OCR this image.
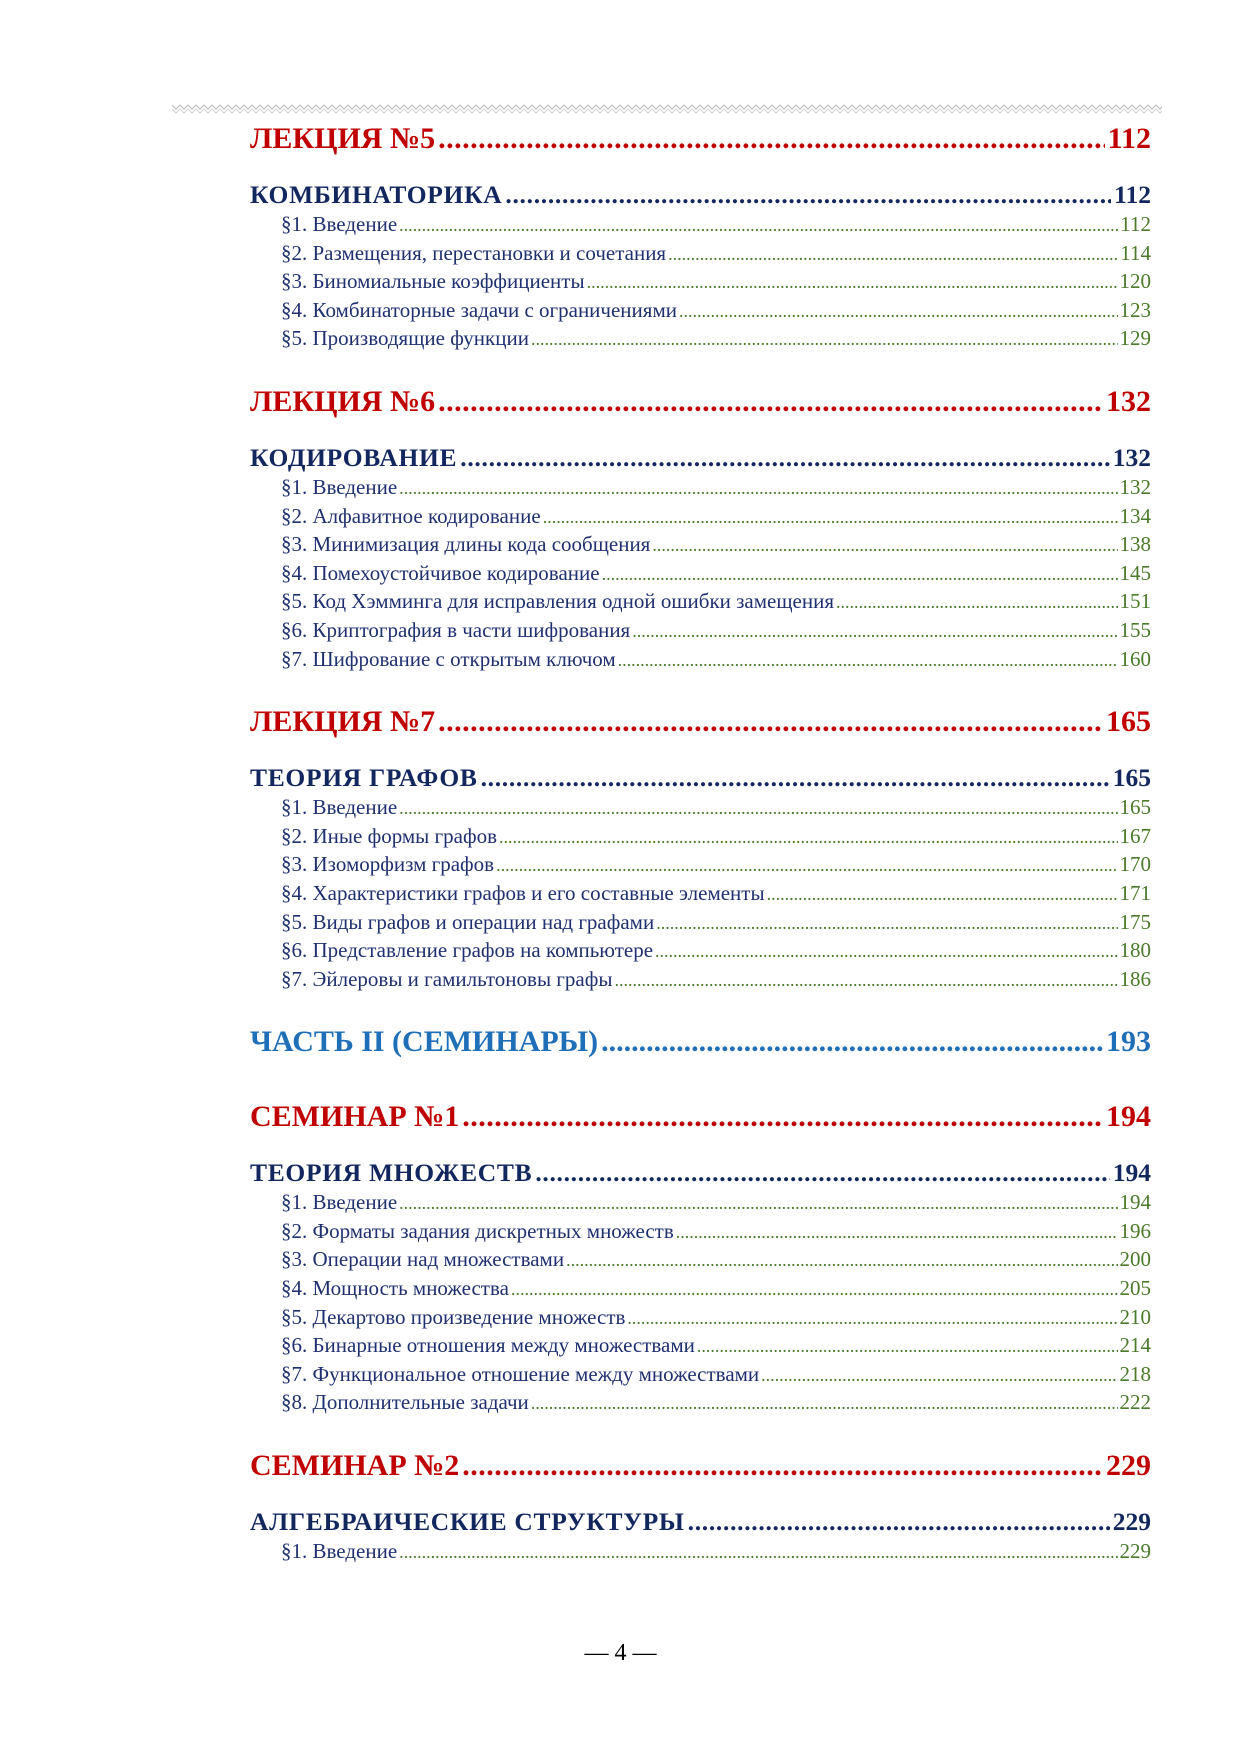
ЛЕКЦИЯ №5 .....	112
КОМБИНАТОРИКА .....	112
§1. Введение .....	112
§2. Размещения, перестановки и сочетания .....	114
§3. Биномиальные коэффициенты .....	120
§4. Комбинаторные задачи с ограничениями .....	123
§5. Производящие функции .....	129
ЛЕКЦИЯ №6 .....	132
КОДИРОВАНИЕ .....	132
§1. Введение .....	132
§2. Алфавитное кодирование .....	134
§3. Минимизация длины кода сообщения .....	138
§4. Помехоустойчивое кодирование .....	145
§5. Код Хэмминга для исправления одной ошибки замещения .....	151
§6. Криптография в части шифрования .....	155
§7. Шифрование с открытым ключом .....	160
ЛЕКЦИЯ №7 .....	165
ТЕОРИЯ ГРАФОВ .....	165
§1. Введение .....	165
§2. Иные формы графов .....	167
§3. Изоморфизм графов .....	170
§4. Характеристики графов и его составные элементы .....	171
§5. Виды графов и операции над графами .....	175
§6. Представление графов на компьютере .....	180
§7. Эйлеровы и гамильтоновы графы .....	186
ЧАСТЬ II (СЕМИНАРЫ) .....	193
СЕМИНАР №1 .....	194
ТЕОРИЯ МНОЖЕСТВ .....	194
§1. Введение .....	194
§2. Форматы задания дискретных множеств .....	196
§3. Операции над множествами .....	200
§4. Мощность множества .....	205
§5. Декартово произведение множеств .....	210
§6. Бинарные отношения между множествами .....	214
§7. Функциональное отношение между множествами .....	218
§8. Дополнительные задачи .....	222
СЕМИНАР №2 .....	229
АЛГЕБРАИЧЕСКИЕ СТРУКТУРЫ .....	229
§1. Введение .....	229
— 4 —
